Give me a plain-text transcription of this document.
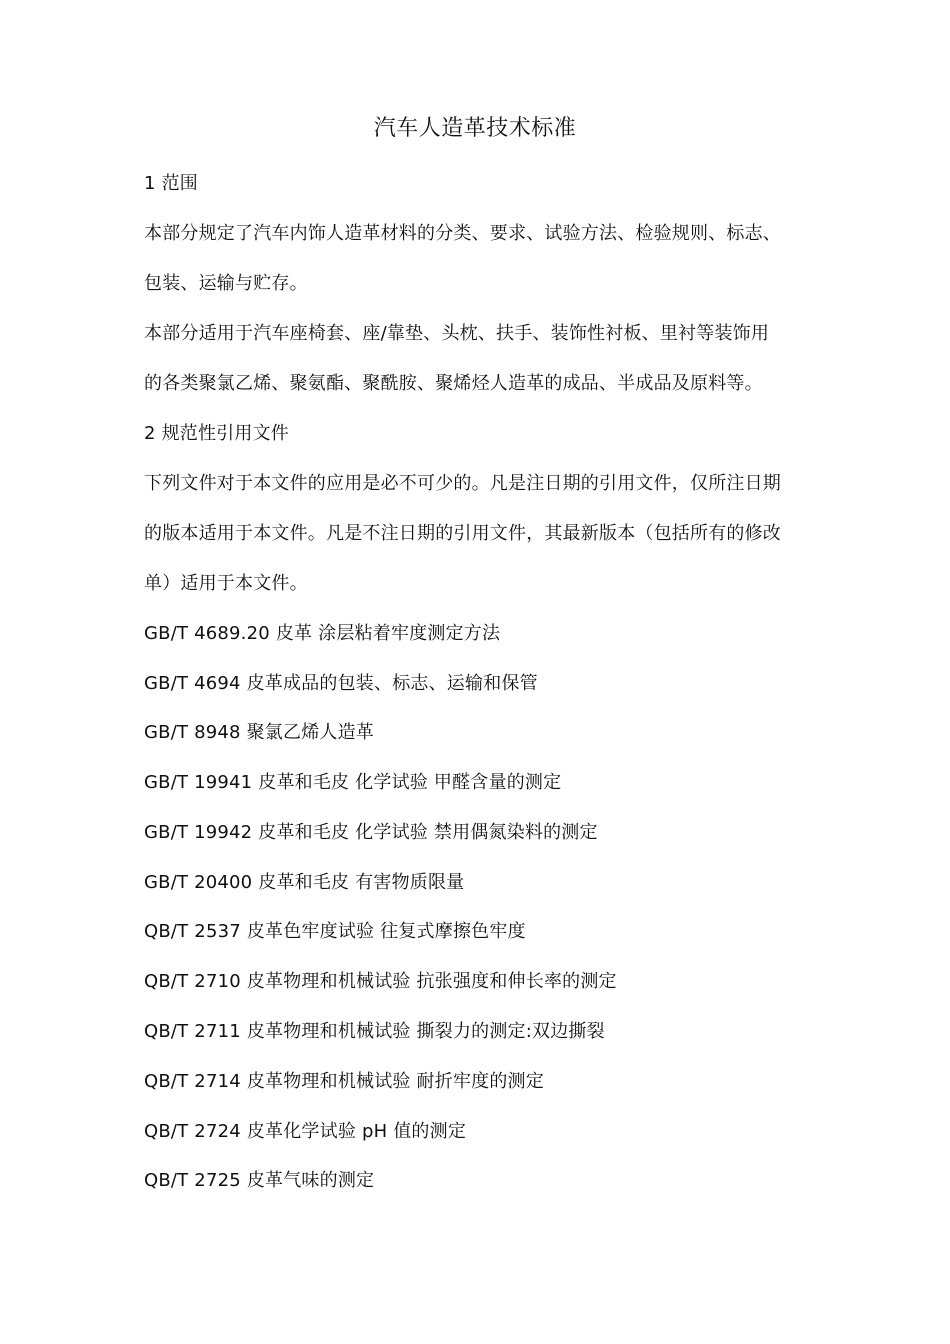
汽车人造革技术标准
1 范围
本部分规定了汽车内饰人造革材料的分类、要求、试验方法、检验规则、标志、
包装、运输与贮存。
本部分适用于汽车座椅套、座/靠垫、头枕、扶手、装饰性衬板、里衬等装饰用
的各类聚氯乙烯、聚氨酯、聚酰胺、聚烯烃人造革的成品、半成品及原料等。
2 规范性引用文件
下列文件对于本文件的应用是必不可少的。凡是注日期的引用文件，仅所注日期
的版本适用于本文件。凡是不注日期的引用文件，其最新版本（包括所有的修改
单）适用于本文件。
GB/T 4689.20 皮革 涂层粘着牢度测定方法
GB/T 4694 皮革成品的包装、标志、运输和保管
GB/T 8948 聚氯乙烯人造革
GB/T 19941 皮革和毛皮 化学试验 甲醛含量的测定
GB/T 19942 皮革和毛皮 化学试验 禁用偶氮染料的测定
GB/T 20400 皮革和毛皮 有害物质限量
QB/T 2537 皮革色牢度试验 往复式摩擦色牢度
QB/T 2710 皮革物理和机械试验 抗张强度和伸长率的测定
QB/T 2711 皮革物理和机械试验 撕裂力的测定:双边撕裂
QB/T 2714 皮革物理和机械试验 耐折牢度的测定
QB/T 2724 皮革化学试验 pH 值的测定
QB/T 2725 皮革气味的测定
